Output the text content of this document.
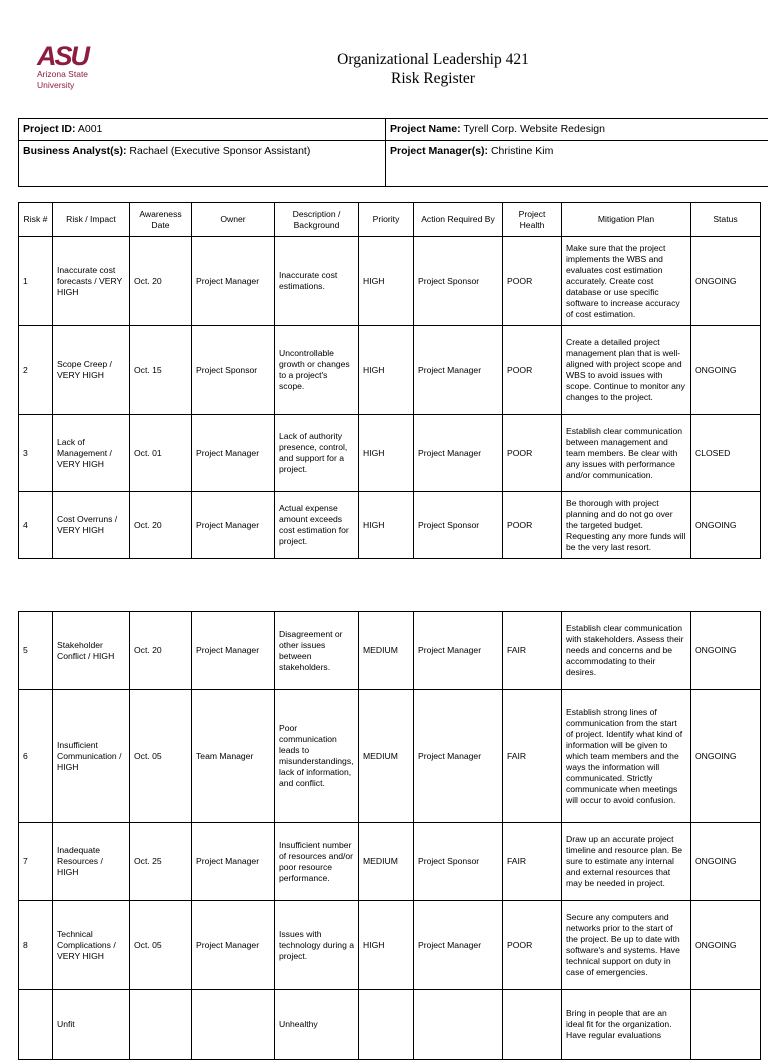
ASU
Arizona State
University
Organizational Leadership 421
Risk Register
Project ID: A001	Project Name: Tyrell Corp. Website Redesign
Business Analyst(s): Rachael (Executive Sponsor Assistant)	Project Manager(s): Christine Kim
Risk #	Risk / Impact	Awareness Date	Owner	Description / Background	Priority	Action Required By	Project Health	Mitigation Plan	Status
1	Inaccurate cost forecasts / VERY HIGH	Oct. 20	Project Manager	Inaccurate cost estimations.	HIGH	Project Sponsor	POOR	Make sure that the project implements the WBS and evaluates cost estimation accurately. Create cost database or use specific software to increase accuracy of cost estimation.	ONGOING
2	Scope Creep / VERY HIGH	Oct. 15	Project Sponsor	Uncontrollable growth or changes to a project's scope.	HIGH	Project Manager	POOR	Create a detailed project management plan that is well-aligned with project scope and WBS to avoid issues with scope. Continue to monitor any changes to the project.	ONGOING
3	Lack of Management / VERY HIGH	Oct. 01	Project Manager	Lack of authority presence, control, and support for a project.	HIGH	Project Manager	POOR	Establish clear communication between management and team members. Be clear with any issues with performance and/or communication.	CLOSED
4	Cost Overruns / VERY HIGH	Oct. 20	Project Manager	Actual expense amount exceeds cost estimation for project.	HIGH	Project Sponsor	POOR	Be thorough with project planning and do not go over the targeted budget. Requesting any more funds will be the very last resort.	ONGOING
5	Stakeholder Conflict / HIGH	Oct. 20	Project Manager	Disagreement or other issues between stakeholders.	MEDIUM	Project Manager	FAIR	Establish clear communication with stakeholders. Assess their needs and concerns and be accommodating to their desires.	ONGOING
6	Insufficient Communication / HIGH	Oct. 05	Team Manager	Poor communication leads to misunderstandings, lack of information, and conflict.	MEDIUM	Project Manager	FAIR	Establish strong lines of communication from the start of project. Identify what kind of information will be given to which team members and the ways the information will communicated. Strictly communicate when meetings will occur to avoid confusion.	ONGOING
7	Inadequate Resources / HIGH	Oct. 25	Project Manager	Insufficient number of resources and/or poor resource performance.	MEDIUM	Project Sponsor	FAIR	Draw up an accurate project timeline and resource plan. Be sure to estimate any internal and external resources that may be needed in project.	ONGOING
8	Technical Complications / VERY HIGH	Oct. 05	Project Manager	Issues with technology during a project.	HIGH	Project Manager	POOR	Secure any computers and networks prior to the start of the project. Be up to date with software's and systems. Have technical support on duty in case of emergencies.	ONGOING
	Unfit			Unhealthy				Bring in people that are an ideal fit for the organization. Have regular evaluations	
